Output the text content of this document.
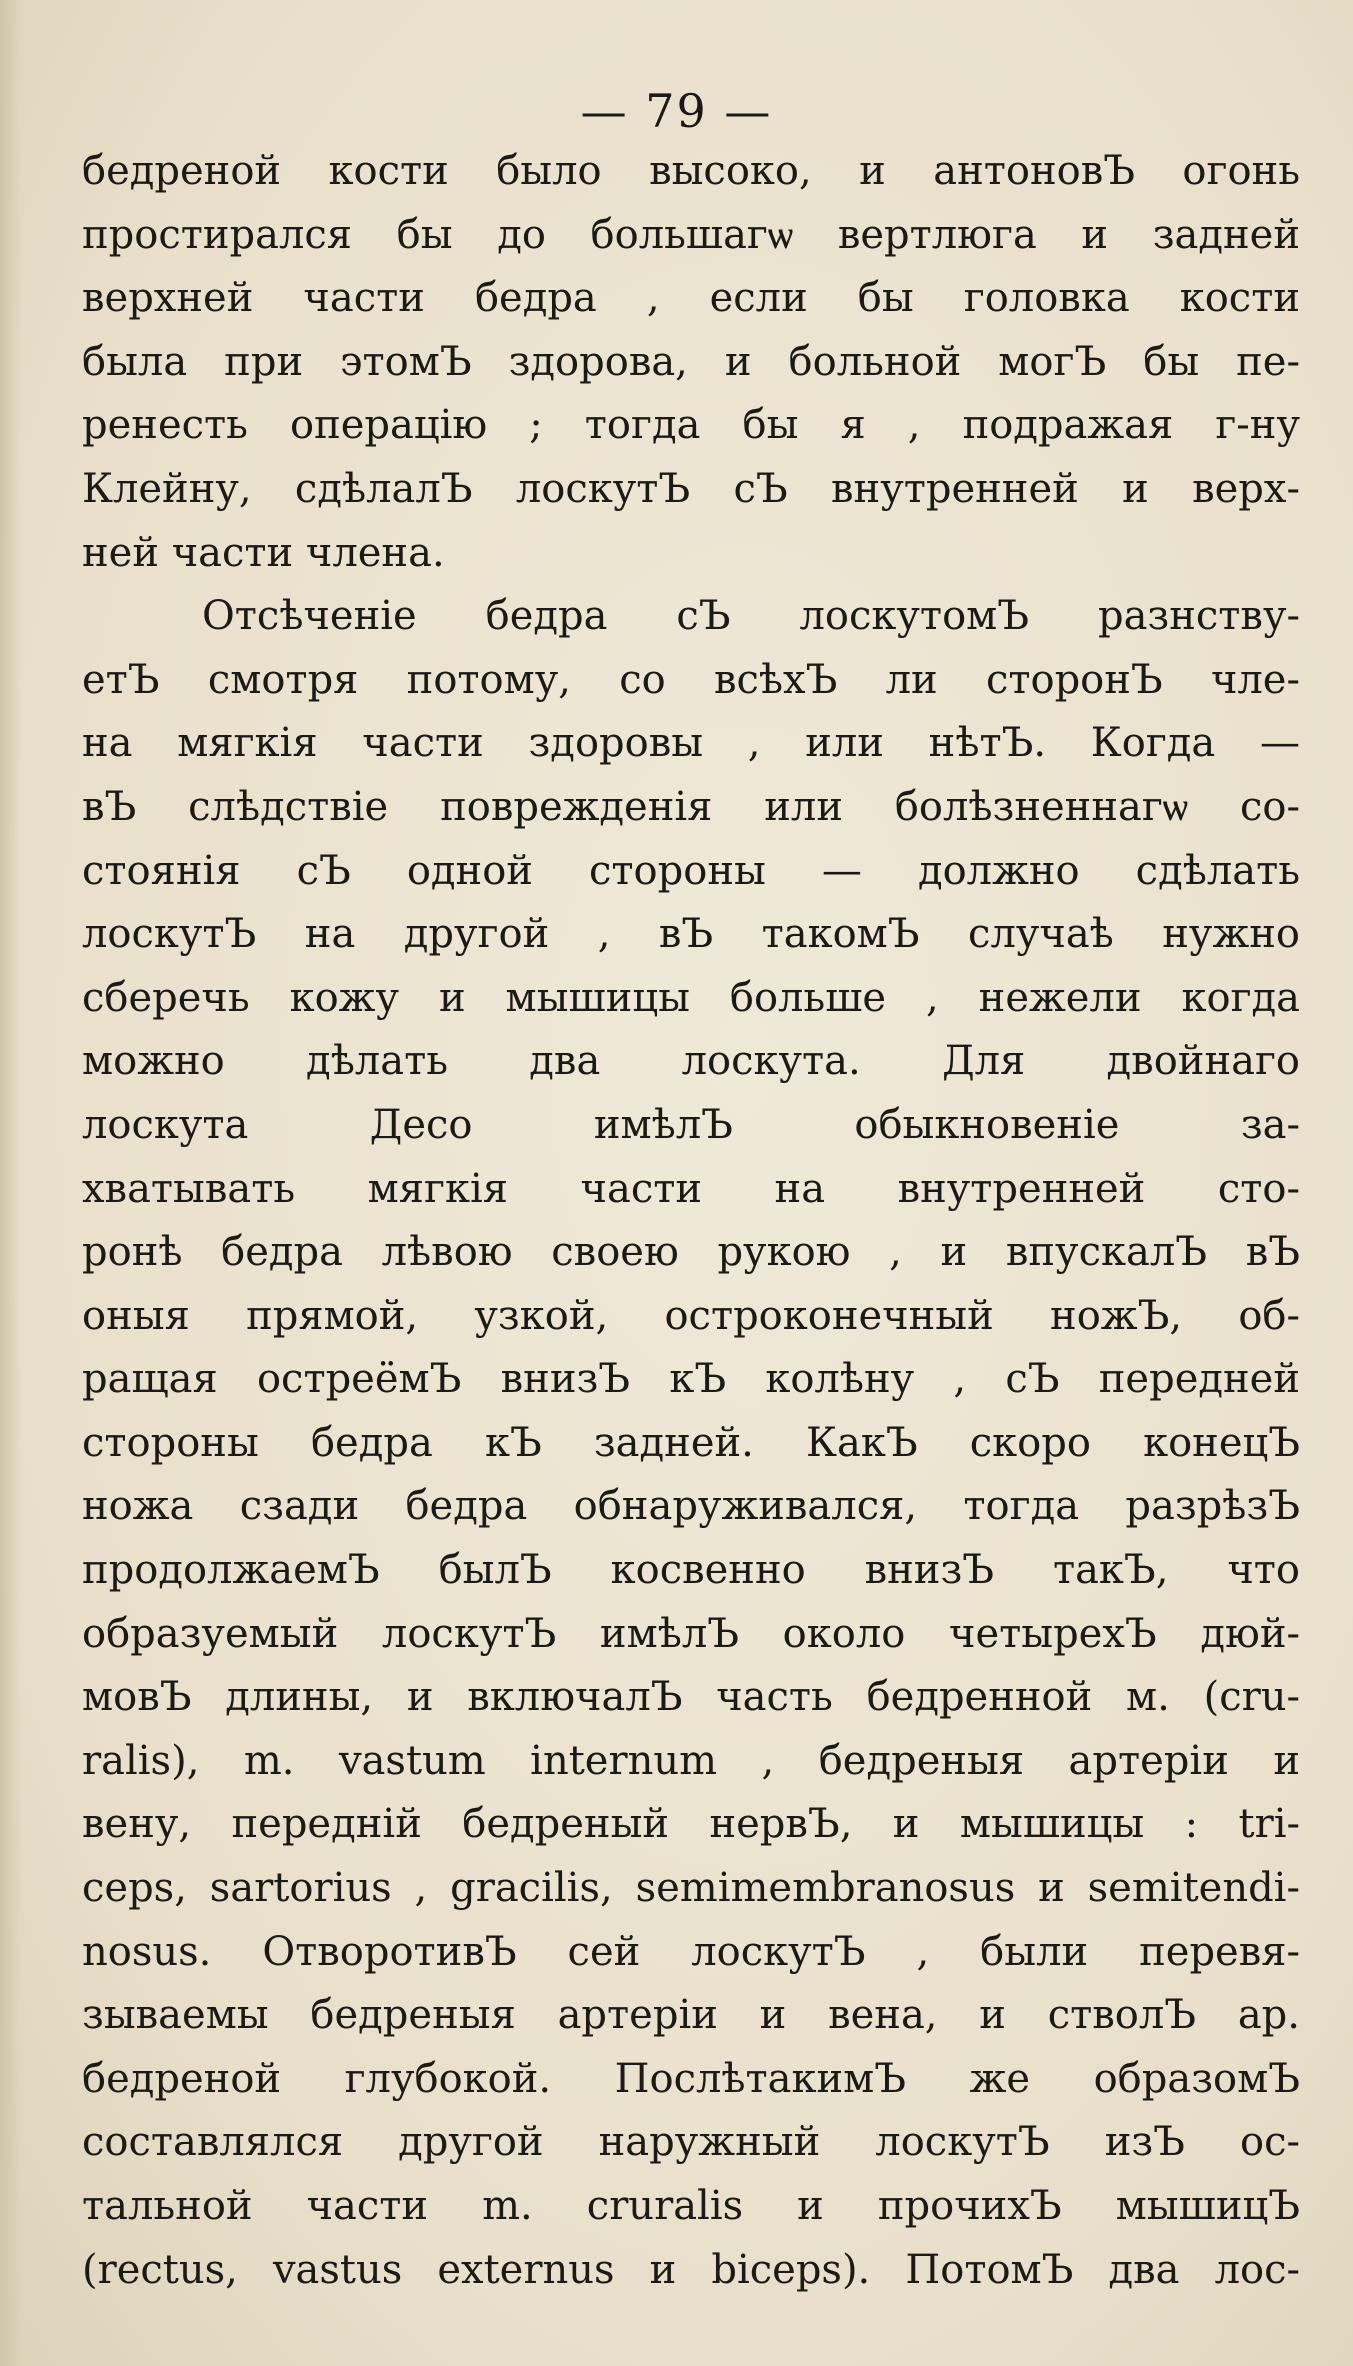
— 79 —
бедреной кости было высоко, и антоновЪ огонь
простирался бы до большагѡ вертлюга и задней
верхней части бедра , если бы головка кости
была при этомЪ здорова, и больной могЪ бы пе-
ренесть операцію ; тогда бы я , подражая г-ну
Клейну, сдѣлалЪ лоскутЪ сЪ внутренней и верх-
ней части члена.
Отсѣченіе бедра сЪ лоскутомЪ разнству-
етЪ смотря потому, со всѣхЪ ли сторонЪ чле-
на мягкія части здоровы , или нѣтЪ. Когда —
вЪ слѣдствіе поврежденія или болѣзненнагѡ со-
стоянія сЪ одной стороны — должно сдѣлать
лоскутЪ на другой , вЪ такомЪ случаѣ нужно
сберечь кожу и мышицы больше , нежели когда
можно дѣлать два лоскута. Для двойнаго
лоскута Десо имѣлЪ обыкновеніе за-
хватывать мягкія части на внутренней сто-
ронѣ бедра лѣвою своею рукою , и впускалЪ вЪ
оныя прямой, узкой, остроконечный ножЪ, об-
ращая остреёмЪ внизЪ кЪ колѣну , сЪ передней
стороны бедра кЪ задней. КакЪ скоро конецЪ
ножа сзади бедра обнаруживался, тогда разрѣзЪ
продолжаемЪ былЪ косвенно внизЪ такЪ, что
образуемый лоскутЪ имѣлЪ около четырехЪ дюй-
мовЪ длины, и включалЪ часть бедренной м. (cru-
ralis), m. vastum internum , бедреныя артеріи и
вену, передній бедреный нервЪ, и мышицы : tri-
ceps, sartorius , gracilis, semimembranosus и semitendi-
nosus. ОтворотивЪ сей лоскутЪ , были перевя-
зываемы бедреныя артеріи и вена, и стволЪ ар.
бедреной глубокой. ПослѣтакимЪ же образомЪ
составлялся другой наружный лоскутЪ изЪ ос-
тальной части m. cruralis и прочихЪ мышицЪ
(rectus, vastus externus и biceps). ПотомЪ два лос-
